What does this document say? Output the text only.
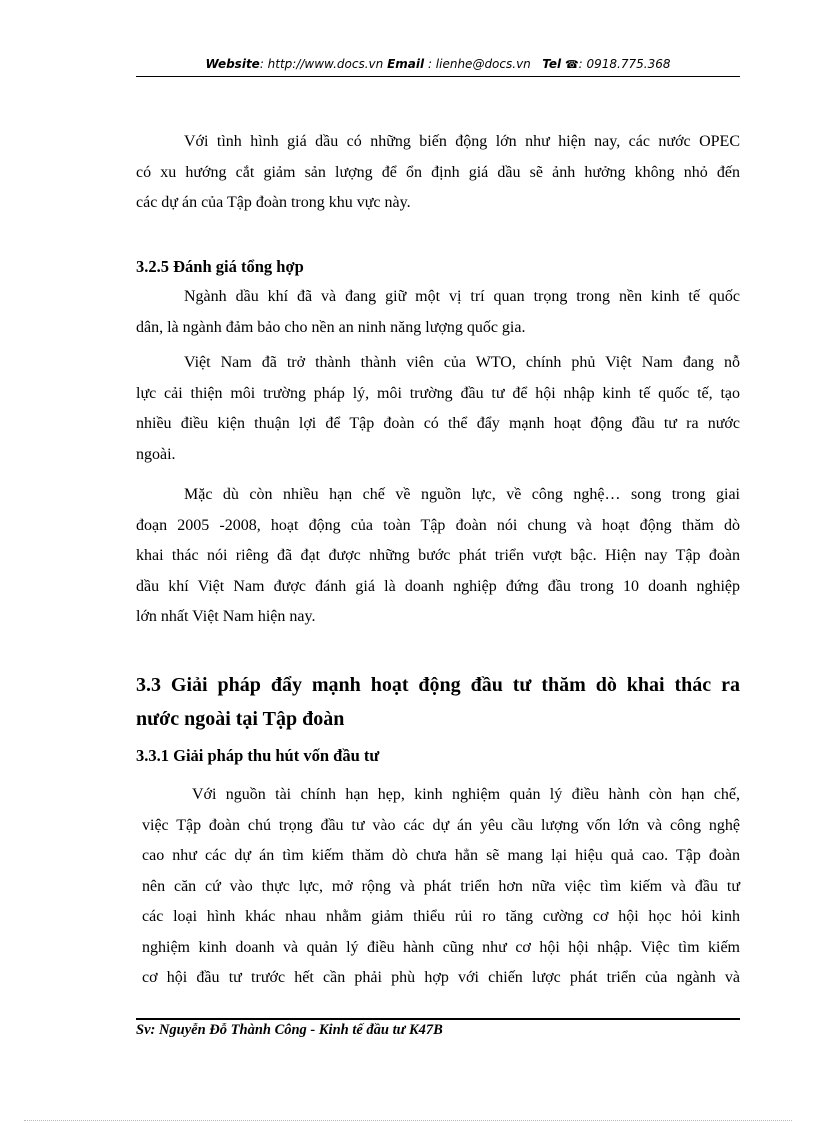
Website: http://www.docs.vn Email : lienhe@docs.vn Tel ☎: 0918.775.368
Với tình hình giá dầu có những biến động lớn như hiện nay, các nước OPEC
có xu hướng cắt giảm sản lượng để ổn định giá dầu sẽ ảnh hưởng không nhỏ đến
các dự án của Tập đoàn trong khu vực này.
3.2.5 Đánh giá tổng hợp
Ngành dầu khí đã và đang giữ một vị trí quan trọng trong nền kinh tế quốc
dân, là ngành đảm bảo cho nền an ninh năng lượng quốc gia.
Việt Nam đã trở thành thành viên của WTO, chính phủ Việt Nam đang nỗ
lực cải thiện môi trường pháp lý, môi trường đầu tư để hội nhập kinh tế quốc tế, tạo
nhiều điều kiện thuận lợi để Tập đoàn có thể đẩy mạnh hoạt động đầu tư ra nước
ngoài.
Mặc dù còn nhiều hạn chế về nguồn lực, về công nghệ… song trong giai
đoạn 2005 -2008, hoạt động của toàn Tập đoàn nói chung và hoạt động thăm dò
khai thác nói riêng đã đạt được những bước phát triển vượt bậc. Hiện nay Tập đoàn
dầu khí Việt Nam được đánh giá là doanh nghiệp đứng đầu trong 10 doanh nghiệp
lớn nhất Việt Nam hiện nay.
3.3 Giải pháp đẩy mạnh hoạt động đầu tư thăm dò khai thác ra
nước ngoài tại Tập đoàn
3.3.1 Giải pháp thu hút vốn đầu tư
Với nguồn tài chính hạn hẹp, kinh nghiệm quản lý điều hành còn hạn chế,
việc Tập đoàn chú trọng đầu tư vào các dự án yêu cầu lượng vốn lớn và công nghệ
cao như các dự án tìm kiếm thăm dò chưa hẳn sẽ mang lại hiệu quả cao. Tập đoàn
nên căn cứ vào thực lực, mở rộng và phát triển hơn nữa việc tìm kiếm và đầu tư
các loại hình khác nhau nhằm giảm thiểu rủi ro tăng cường cơ hội học hỏi kinh
nghiệm kinh doanh và quản lý điều hành cũng như cơ hội hội nhập. Việc tìm kiếm
cơ hội đầu tư trước hết cần phải phù hợp với chiến lược phát triển của ngành và
Sv: Nguyễn Đỗ Thành Công - Kinh tế đầu tư K47B
